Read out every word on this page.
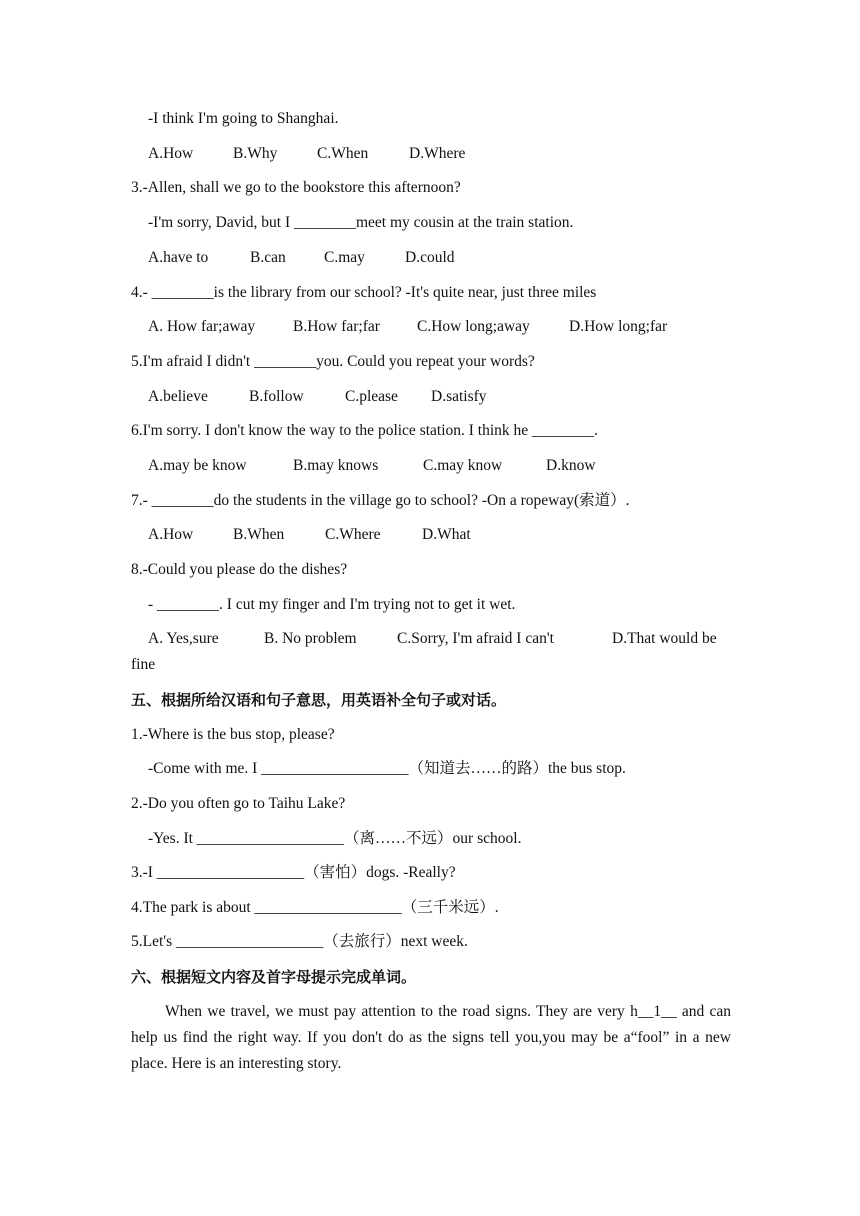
-I think I'm going to Shanghai.
A.How	B.Why	C.When	D.Where
3.-Allen, shall we go to the bookstore this afternoon?
-I'm sorry, David, but I ________meet my cousin at the train station.
A.have to	B.can C.may	D.could
4.- ________is the library from our school? -It's quite near, just three miles
A. How far;away B.How far;far C.How long;away	D.How long;far
5.I'm afraid I didn't ________you. Could you repeat your words?
A.believe	B.follow	C.please D.satisfy
6.I'm sorry. I don't know the way to the police station. I think he ________.
A.may be know	B.may knows	C.may know	D.know
7.- ________do the students in the village go to school? -On a ropeway(索道）.
A.How	B.When	C.Where	D.What
8.-Could you please do the dishes?
- ________. I cut my finger and I'm trying not to get it wet.
A. Yes,sure	B. No problem	C.Sorry, I'm afraid I can't	D.That would be
fine
五、根据所给汉语和句子意思，用英语补全句子或对话。
1.-Where is the bus stop, please?
-Come with me. I ___________________（知道去……的路）the bus stop.
2.-Do you often go to Taihu Lake?
-Yes. It ___________________（离……不远）our school.
3.-I ___________________（害怕）dogs. -Really?
4.The park is about ___________________（三千米远）.
5.Let's ___________________（去旅行）next week.
六、根据短文内容及首字母提示完成单词。
When we travel, we must pay attention to the road signs. They are very h__1__ and can help us find the right way. If you don't do as the signs tell you,you may be a“fool” in a new place. Here is an interesting story.
